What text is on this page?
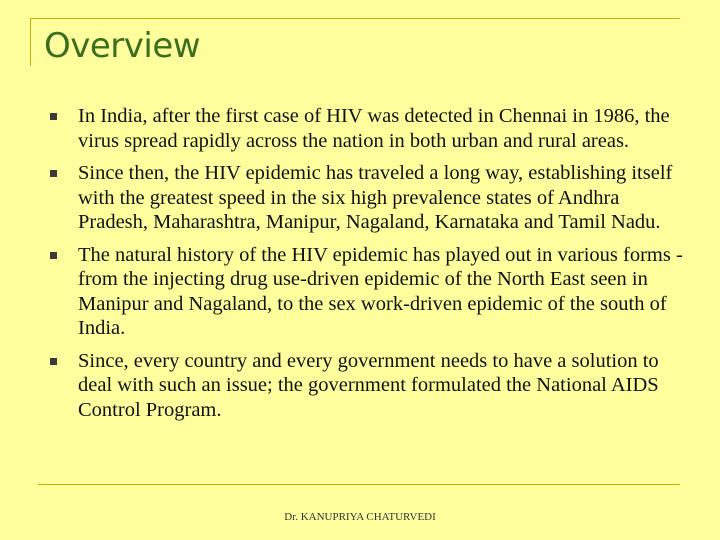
Overview
In India, after the first case of HIV was detected in Chennai in 1986, the virus spread rapidly across the nation in both urban and rural areas.
Since then, the HIV epidemic has traveled a long way, establishing itself with the greatest speed in the six high prevalence states of Andhra Pradesh, Maharashtra, Manipur, Nagaland, Karnataka and Tamil Nadu.
The natural history of the HIV epidemic has played out in various forms - from the injecting drug use-driven epidemic of the North East seen in Manipur and Nagaland, to the sex work-driven epidemic of the south of India.
Since, every country and every government needs to have a solution to deal with such an issue; the government formulated the National AIDS Control Program.
Dr. KANUPRIYA CHATURVEDI
